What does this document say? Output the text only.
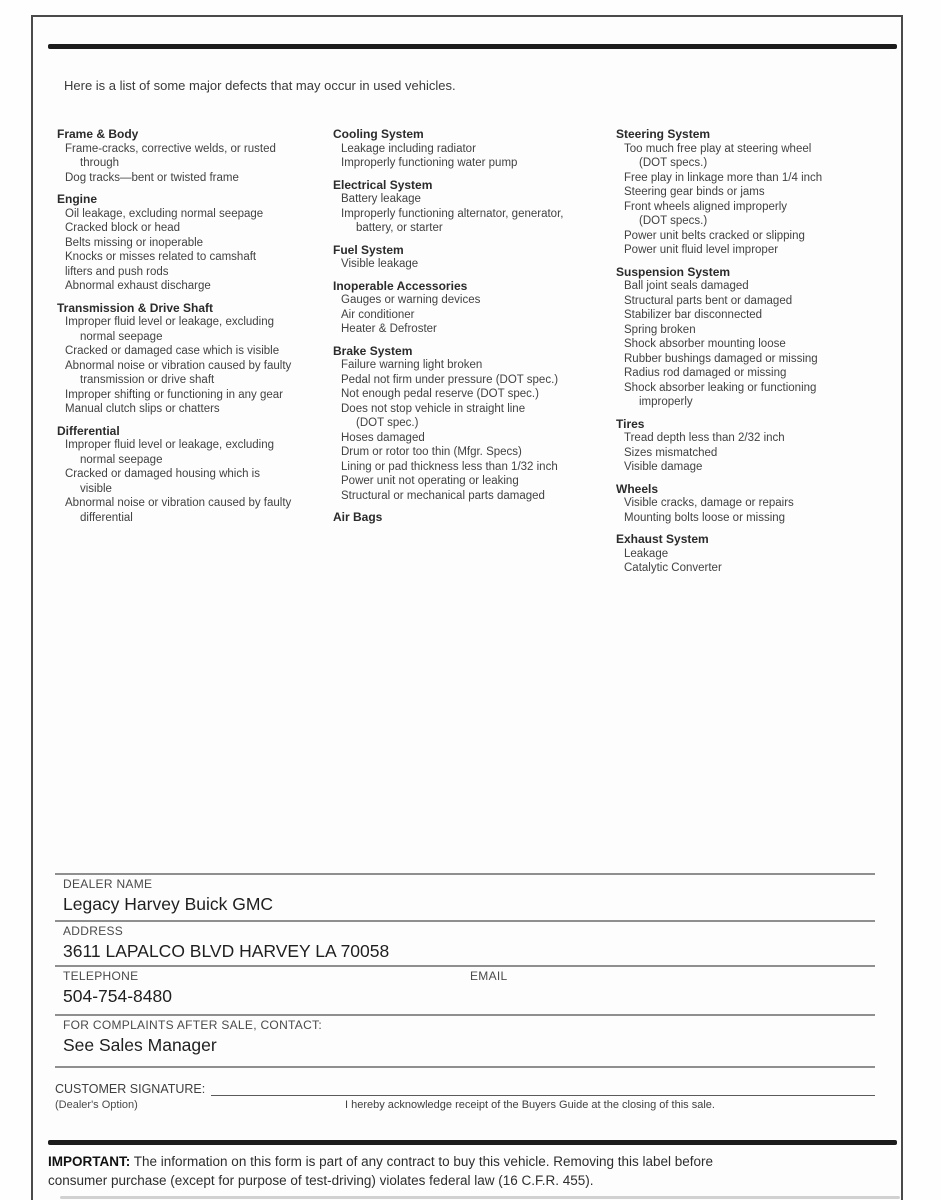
Here is a list of some major defects that may occur in used vehicles.
Frame & Body
Frame-cracks, corrective welds, or rusted
through
Dog tracks—bent or twisted frame
Engine
Oil leakage, excluding normal seepage
Cracked block or head
Belts missing or inoperable
Knocks or misses related to camshaft
lifters and push rods
Abnormal exhaust discharge
Transmission & Drive Shaft
Improper fluid level or leakage, excluding
normal seepage
Cracked or damaged case which is visible
Abnormal noise or vibration caused by faulty
transmission or drive shaft
Improper shifting or functioning in any gear
Manual clutch slips or chatters
Differential
Improper fluid level or leakage, excluding
normal seepage
Cracked or damaged housing which is
visible
Abnormal noise or vibration caused by faulty
differential
Cooling System
Leakage including radiator
Improperly functioning water pump
Electrical System
Battery leakage
Improperly functioning alternator, generator,
battery, or starter
Fuel System
Visible leakage
Inoperable Accessories
Gauges or warning devices
Air conditioner
Heater & Defroster
Brake System
Failure warning light broken
Pedal not firm under pressure (DOT spec.)
Not enough pedal reserve (DOT spec.)
Does not stop vehicle in straight line
(DOT spec.)
Hoses damaged
Drum or rotor too thin (Mfgr. Specs)
Lining or pad thickness less than 1/32 inch
Power unit not operating or leaking
Structural or mechanical parts damaged
Air Bags
Steering System
Too much free play at steering wheel
(DOT specs.)
Free play in linkage more than 1/4 inch
Steering gear binds or jams
Front wheels aligned improperly
(DOT specs.)
Power unit belts cracked or slipping
Power unit fluid level improper
Suspension System
Ball joint seals damaged
Structural parts bent or damaged
Stabilizer bar disconnected
Spring broken
Shock absorber mounting loose
Rubber bushings damaged or missing
Radius rod damaged or missing
Shock absorber leaking or functioning
improperly
Tires
Tread depth less than 2/32 inch
Sizes mismatched
Visible damage
Wheels
Visible cracks, damage or repairs
Mounting bolts loose or missing
Exhaust System
Leakage
Catalytic Converter
DEALER NAME
Legacy Harvey Buick GMC
ADDRESS
3611 LAPALCO BLVD HARVEY LA 70058
TELEPHONE
504-754-8480
EMAIL
FOR COMPLAINTS AFTER SALE, CONTACT:
See Sales Manager
CUSTOMER SIGNATURE:
(Dealer's Option)	I hereby acknowledge receipt of the Buyers Guide at the closing of this sale.
IMPORTANT: The information on this form is part of any contract to buy this vehicle. Removing this label before
consumer purchase (except for purpose of test-driving) violates federal law (16 C.F.R. 455).
